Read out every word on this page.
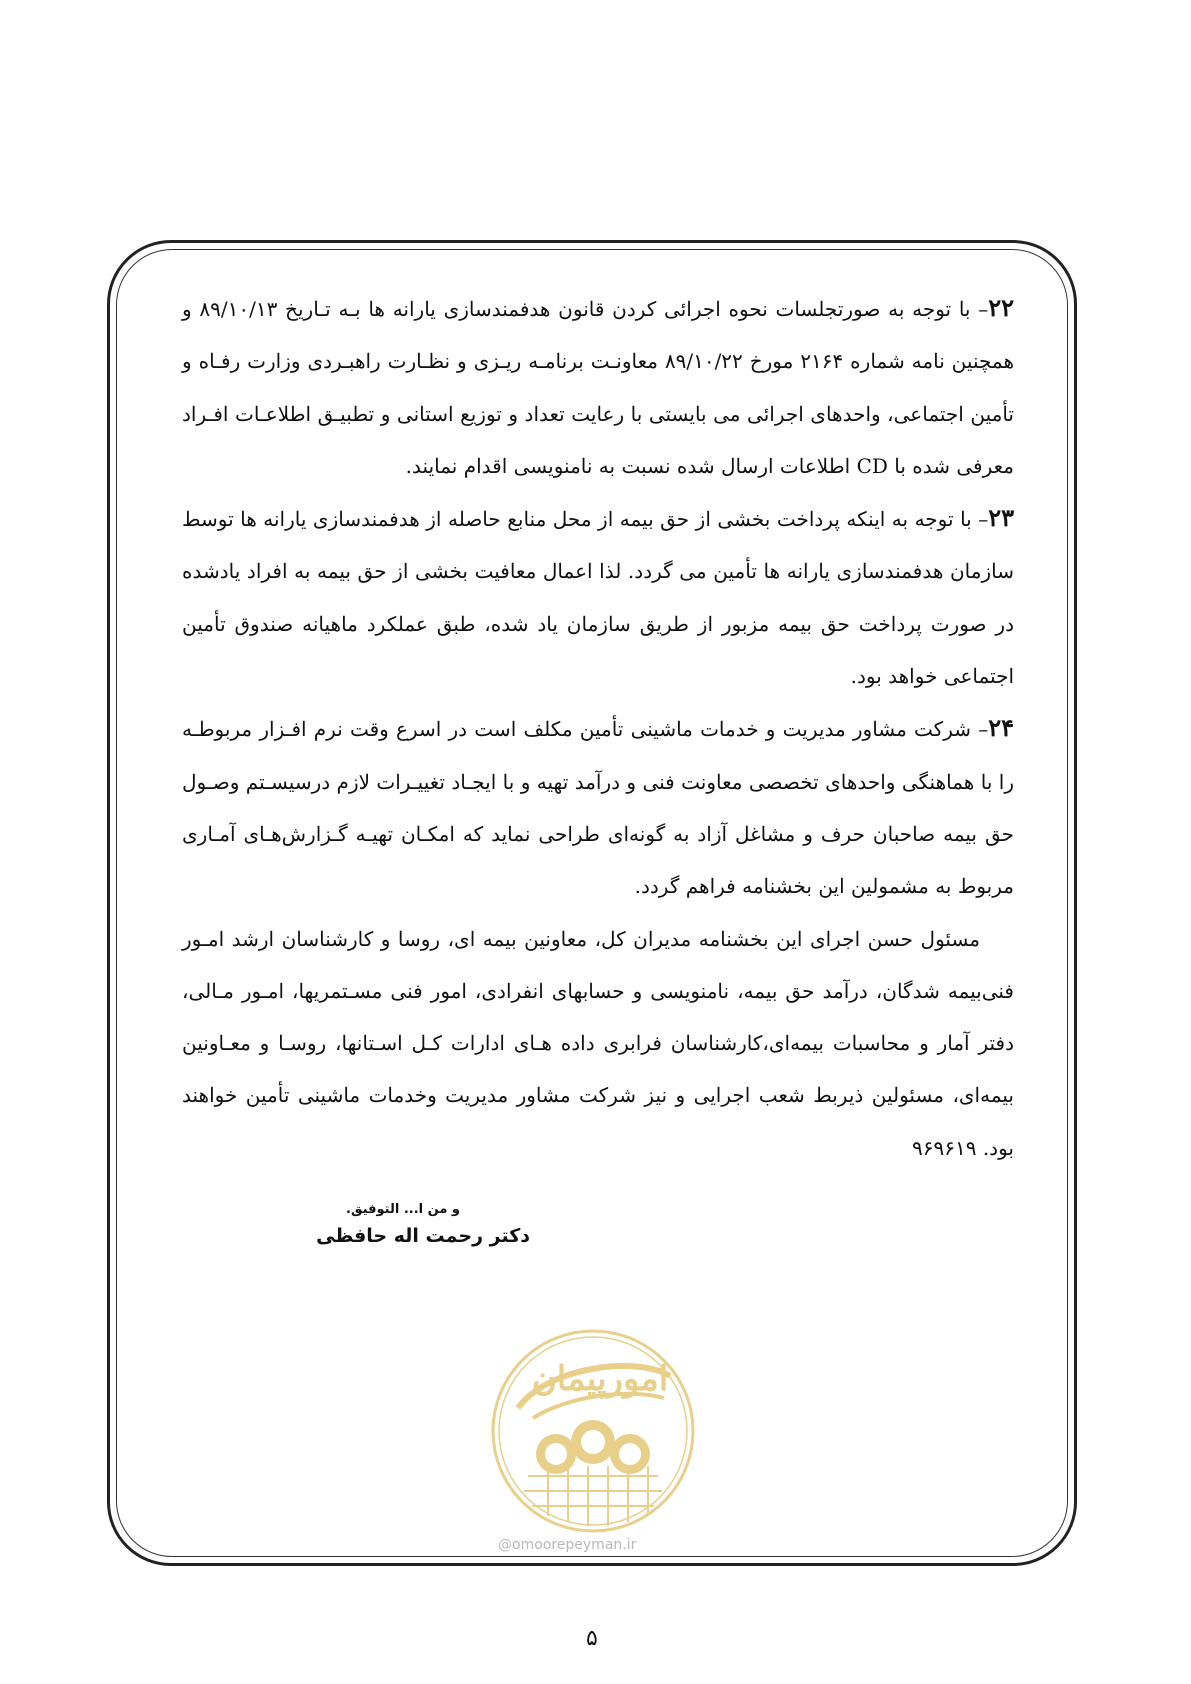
۲۲– با توجه به صورتجلسات نحوه اجرائی کردن قانون هدفمندسازی یارانه ها بـه تـاریخ ۸۹/۱۰/۱۳ و همچنین نامه شماره ۲۱۶۴ مورخ ۸۹/۱۰/۲۲ معاونـت برنامـه ریـزی و نظـارت راهبـردی وزارت رفـاه و تأمین اجتماعی، واحدهای اجرائی می بایستی با رعایت تعداد و توزیع استانی و تطبیـق اطلاعـات افـراد معرفی شده با CD اطلاعات ارسال شده نسبت به نامنویسی اقدام نمایند.

۲۳– با توجه به اینکه پرداخت بخشی از حق بیمه از محل منابع حاصله از هدفمندسازی یارانه ها توسط سازمان هدفمندسازی یارانه ها تأمین می گردد. لذا اعمال معافیت بخشی از حق بیمه به افراد یادشده در صورت پرداخت حق بیمه مزبور از طریق سازمان یاد شده، طبق عملکرد ماهیانه صندوق تأمین اجتماعی خواهد بود.

۲۴– شرکت مشاور مدیریت و خدمات ماشینی تأمین مکلف است در اسرع وقت نرم افـزار مربوطـه را با هماهنگی واحدهای تخصصی معاونت فنی و درآمد تهیه و با ایجـاد تغییـرات لازم درسیسـتم وصـول حق بیمه صاحبان حرف و مشاغل آزاد به گونه‌ای طراحی نماید که امکـان تهیـه گـزارش‌هـای آمـاری مربوط به مشمولین این بخشنامه فراهم گردد.

مسئول حسن اجرای این بخشنامه مدیران کل، معاونین بیمه ای، روسا و کارشناسان ارشد امـور فنی‌بیمه شدگان، درآمد حق بیمه، نامنویسی و حسابهای انفرادی، امور فنی مسـتمریها، امـور مـالی، دفتر آمار و محاسبات بیمه‌ای،کارشناسان فرابری داده هـای ادارات کـل اسـتانها، روسـا و معـاونین بیمه‌ای، مسئولین ذیربط شعب اجرایی و نیز شرکت مشاور مدیریت وخدمات ماشینی تأمین خواهند بود. ۹۶۹۶۱۹

و من ا... التوفیق.

دکتر رحمت اله حافظی

امورپیمان
@omoorepeyman.ir
۵
